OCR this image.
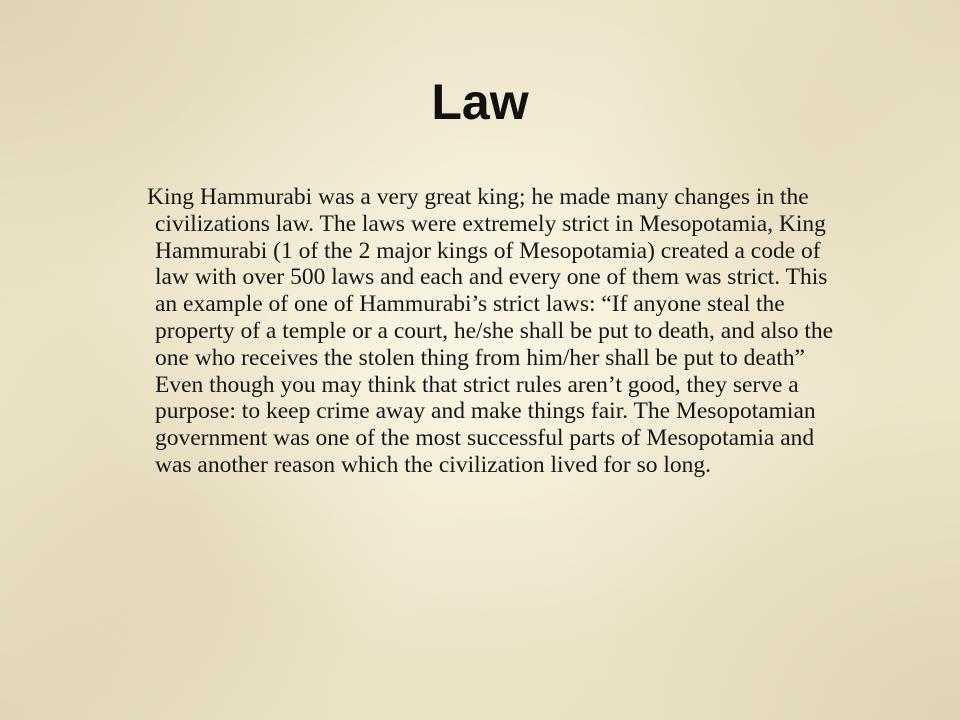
Law

King Hammurabi was a very great king; he made many changes in the civilizations law. The laws were extremely strict in Mesopotamia, King Hammurabi (1 of the 2 major kings of Mesopotamia) created a code of law with over 500 laws and each and every one of them was strict. This an example of one of Hammurabi’s strict laws: “If anyone steal the property of a temple or a court, he/she shall be put to death, and also the one who receives the stolen thing from him/her shall be put to death” Even though you may think that strict rules aren’t good, they serve a purpose: to keep crime away and make things fair. The Mesopotamian government was one of the most successful parts of Mesopotamia and was another reason which the civilization lived for so long.
